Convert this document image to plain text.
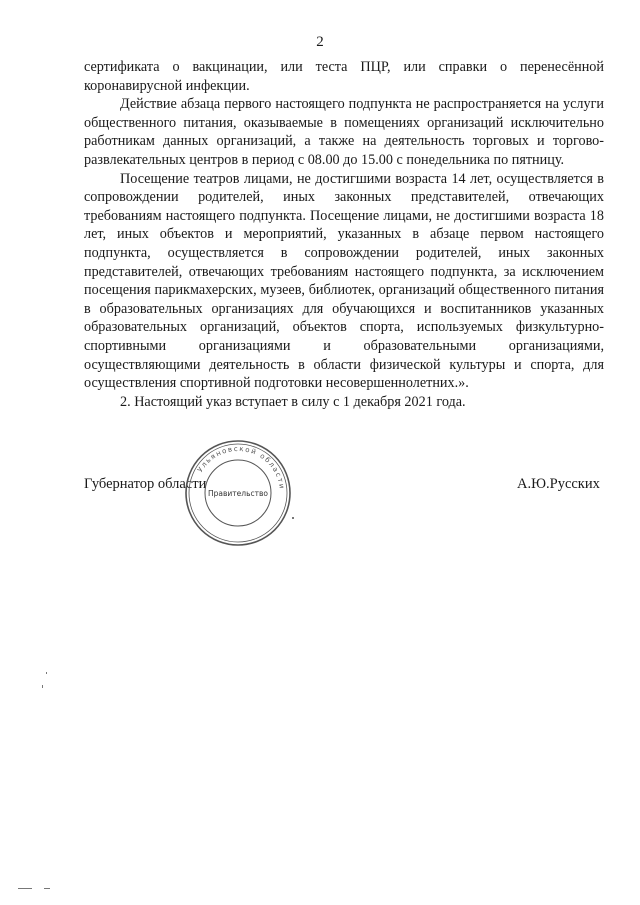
2

сертификата о вакцинации, или теста ПЦР, или справки о перенесённой коронавирусной инфекции.

Действие абзаца первого настоящего подпункта не распространяется на услуги общественного питания, оказываемые в помещениях организаций исключительно работникам данных организаций, а также на деятельность торговых и торгово-развлекательных центров в период с 08.00 до 15.00 с понедельника по пятницу.

Посещение театров лицами, не достигшими возраста 14 лет, осуществляется в сопровождении родителей, иных законных представителей, отвечающих требованиям настоящего подпункта. Посещение лицами, не достигшими возраста 18 лет, иных объектов и мероприятий, указанных в абзаце первом настоящего подпункта, осуществляется в сопровождении родителей, иных законных представителей, отвечающих требованиям настоящего подпункта, за исключением посещения парикмахерских, музеев, библиотек, организаций общественного питания в образовательных организациях для обучающихся и воспитанников указанных образовательных организаций, объектов спорта, используемых физкультурно-спортивными организациями и образовательными организациями, осуществляющими деятельность в области физической культуры и спорта, для осуществления спортивной подготовки несовершеннолетних.».

2. Настоящий указ вступает в силу с 1 декабря 2021 года.

Губернатор области	А.Ю.Русских
Ульяновской области
Правительство
